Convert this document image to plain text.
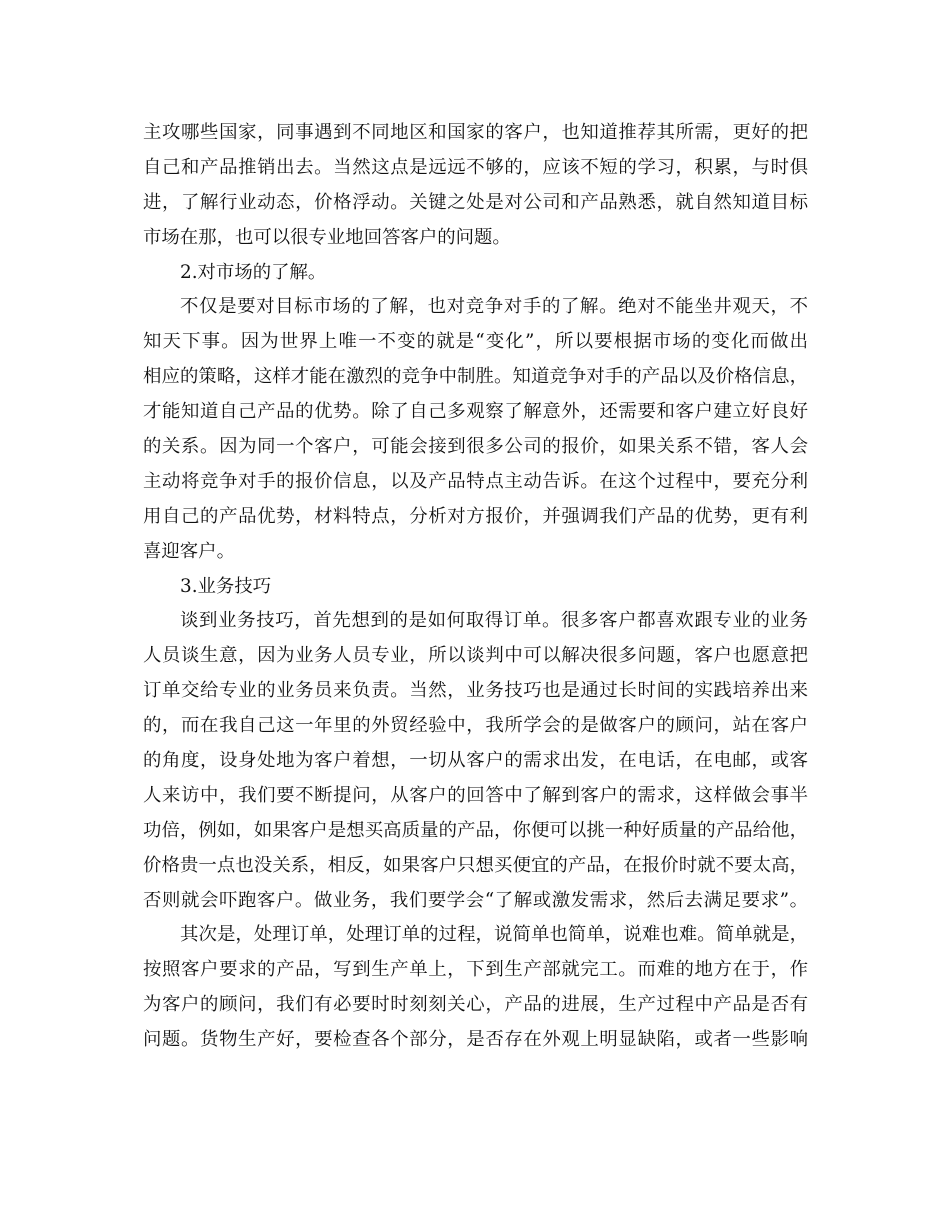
主攻哪些国家，同事遇到不同地区和国家的客户，也知道推荐其所需，更好的把
自己和产品推销出去。当然这点是远远不够的，应该不短的学习，积累，与时俱
进，了解行业动态，价格浮动。关键之处是对公司和产品熟悉，就自然知道目标
市场在那，也可以很专业地回答客户的问题。
2.对市场的了解。
不仅是要对目标市场的了解，也对竞争对手的了解。绝对不能坐井观天，不
知天下事。因为世界上唯一不变的就是“变化”，所以要根据市场的变化而做出
相应的策略，这样才能在激烈的竞争中制胜。知道竞争对手的产品以及价格信息，
才能知道自己产品的优势。除了自己多观察了解意外，还需要和客户建立好良好
的关系。因为同一个客户，可能会接到很多公司的报价，如果关系不错，客人会
主动将竞争对手的报价信息，以及产品特点主动告诉。在这个过程中，要充分利
用自己的产品优势，材料特点，分析对方报价，并强调我们产品的优势，更有利
喜迎客户。
3.业务技巧
谈到业务技巧，首先想到的是如何取得订单。很多客户都喜欢跟专业的业务
人员谈生意，因为业务人员专业，所以谈判中可以解决很多问题，客户也愿意把
订单交给专业的业务员来负责。当然，业务技巧也是通过长时间的实践培养出来
的，而在我自己这一年里的外贸经验中，我所学会的是做客户的顾问，站在客户
的角度，设身处地为客户着想，一切从客户的需求出发，在电话，在电邮，或客
人来访中，我们要不断提问，从客户的回答中了解到客户的需求，这样做会事半
功倍，例如，如果客户是想买高质量的产品，你便可以挑一种好质量的产品给他，
价格贵一点也没关系，相反，如果客户只想买便宜的产品，在报价时就不要太高，
否则就会吓跑客户。做业务，我们要学会“了解或激发需求，然后去满足要求”。
其次是，处理订单，处理订单的过程，说简单也简单，说难也难。简单就是，
按照客户要求的产品，写到生产单上，下到生产部就完工。而难的地方在于，作
为客户的顾问，我们有必要时时刻刻关心，产品的进展，生产过程中产品是否有
问题。货物生产好，要检查各个部分，是否存在外观上明显缺陷，或者一些影响
